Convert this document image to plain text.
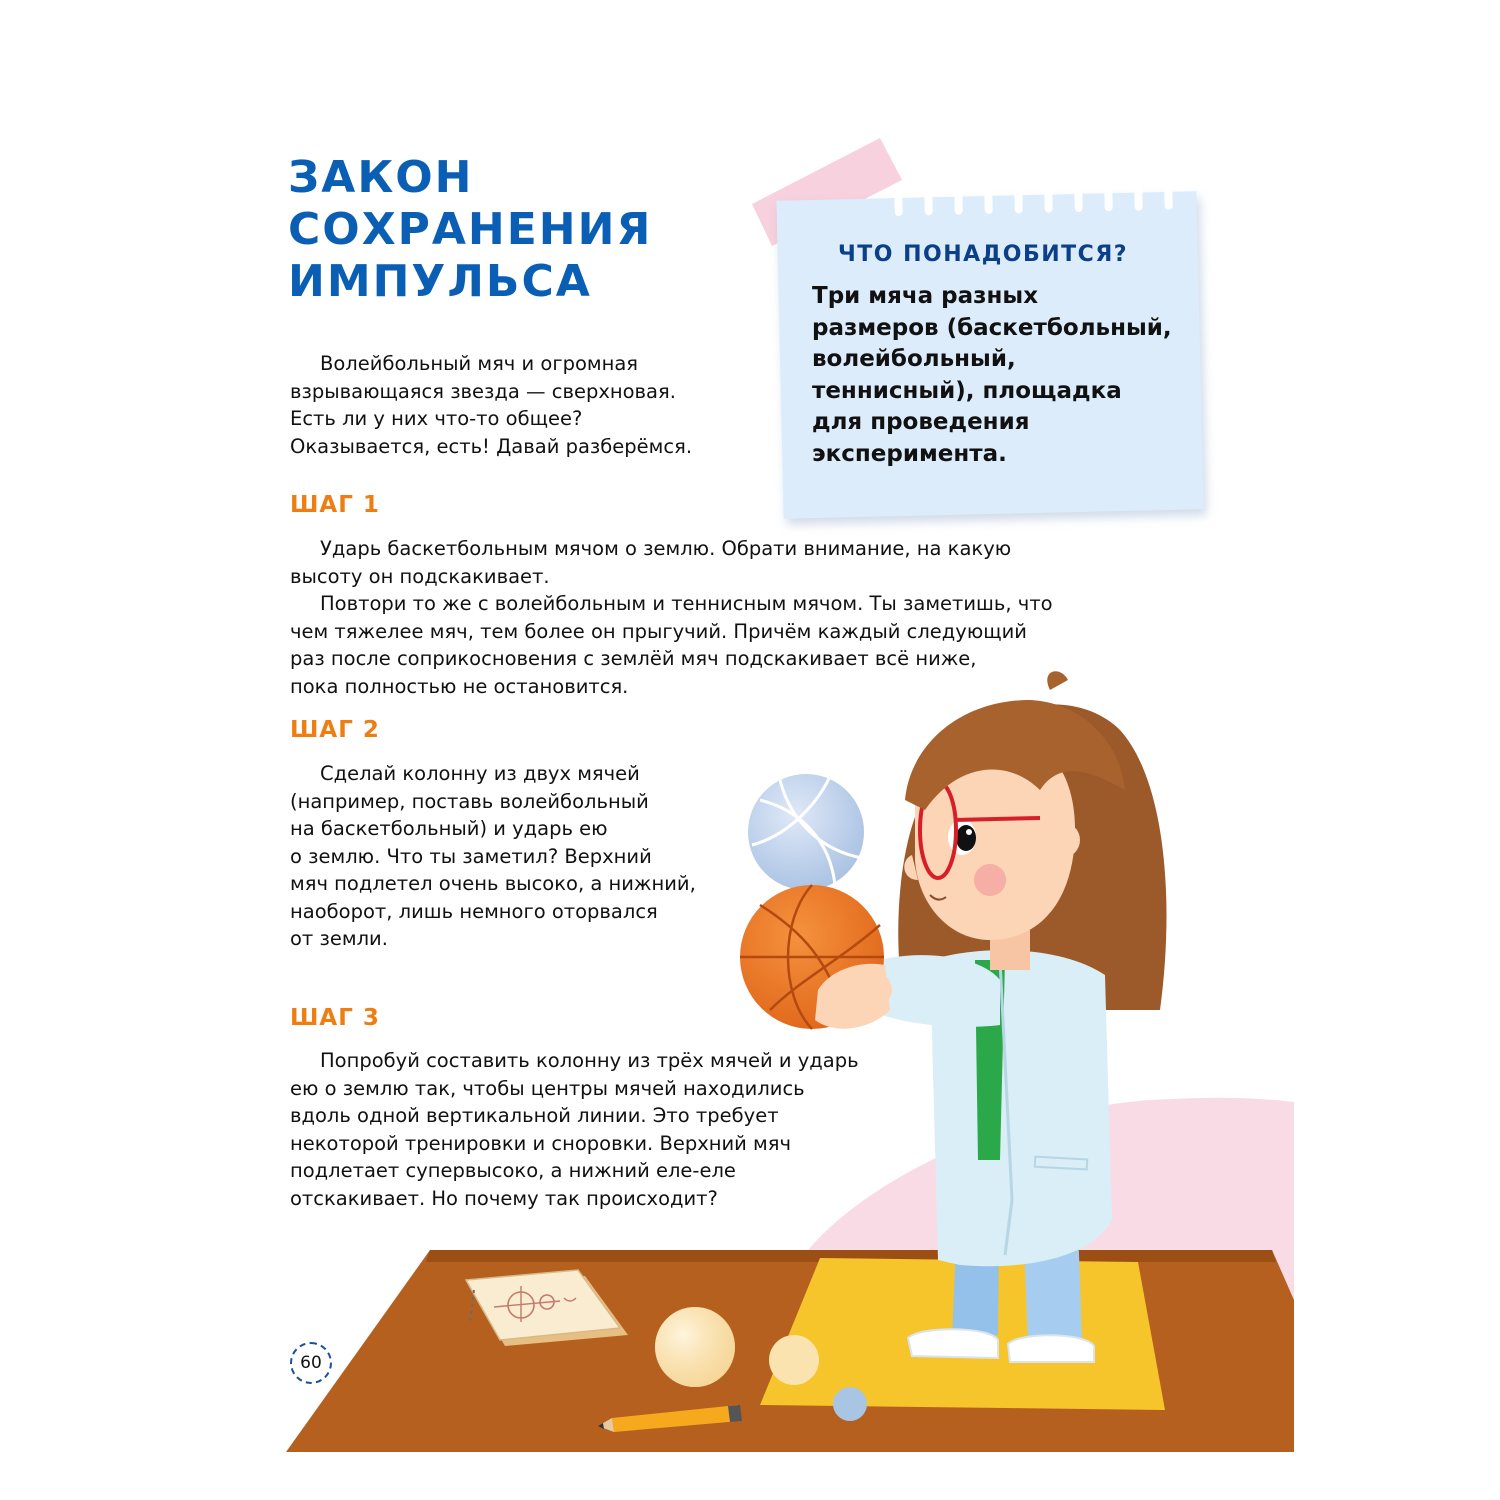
ЗАКОН
СОХРАНЕНИЯ
ИМПУЛЬСА
ЧТО ПОНАДОБИТСЯ?

Три мяча разных
размеров (баскетбольный,
волейбольный,
теннисный), площадка
для проведения
эксперимента.

Волейбольный мяч и огромная
взрывающаяся звезда — сверхновая.
Есть ли у них что-то общее?
Оказывается, есть! Давай разберёмся.

ШАГ 1

Ударь баскетбольным мячом о землю. Обрати внимание, на какую
высоту он подскакивает.
Повтори то же с волейбольным и теннисным мячом. Ты заметишь, что
чем тяжелее мяч, тем более он прыгучий. Причём каждый следующий
раз после соприкосновения с землёй мяч подскакивает всё ниже,
пока полностью не остановится.

ШАГ 2

Сделай колонну из двух мячей
(например, поставь волейбольный
на баскетбольный) и ударь ею
о землю. Что ты заметил? Верхний
мяч подлетел очень высоко, а нижний,
наоборот, лишь немного оторвался
от земли.

ШАГ 3

Попробуй составить колонну из трёх мячей и ударь
ею о землю так, чтобы центры мячей находились
вдоль одной вертикальной линии. Это требует
некоторой тренировки и сноровки. Верхний мяч
подлетает супервысоко, а нижний еле-еле
отскакивает. Но почему так происходит?

60
